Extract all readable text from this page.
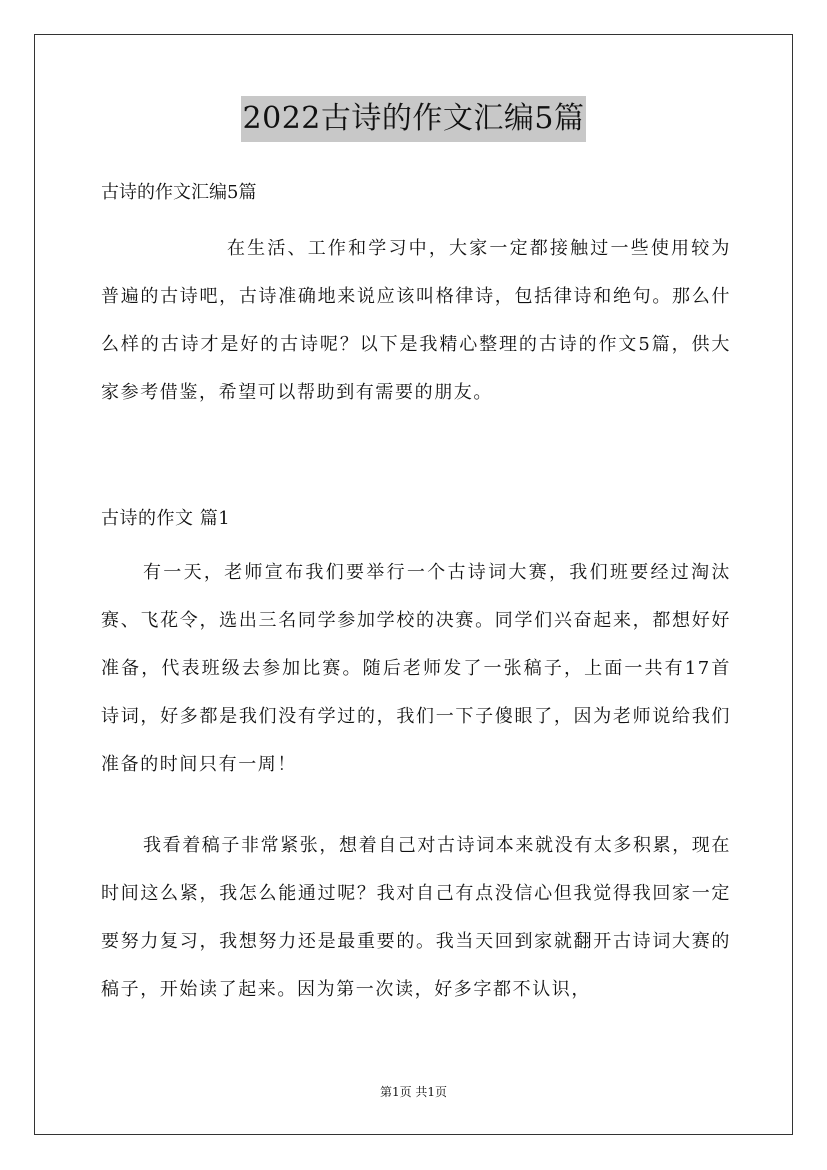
2022古诗的作文汇编5篇
古诗的作文汇编5篇

在生活、工作和学习中，大家一定都接触过一些使用较为普遍的古诗吧，古诗准确地来说应该叫格律诗，包括律诗和绝句。那么什么样的古诗才是好的古诗呢？以下是我精心整理的古诗的作文5篇，供大家参考借鉴，希望可以帮助到有需要的朋友。

古诗的作文 篇1

有一天，老师宣布我们要举行一个古诗词大赛，我们班要经过淘汰赛、飞花令，选出三名同学参加学校的决赛。同学们兴奋起来，都想好好准备，代表班级去参加比赛。随后老师发了一张稿子，上面一共有17首诗词，好多都是我们没有学过的，我们一下子傻眼了，因为老师说给我们准备的时间只有一周！

我看着稿子非常紧张，想着自己对古诗词本来就没有太多积累，现在时间这么紧，我怎么能通过呢？我对自己有点没信心但我觉得我回家一定要努力复习，我想努力还是最重要的。我当天回到家就翻开古诗词大赛的稿子，开始读了起来。因为第一次读，好多字都不认识，

第1页 共1页
